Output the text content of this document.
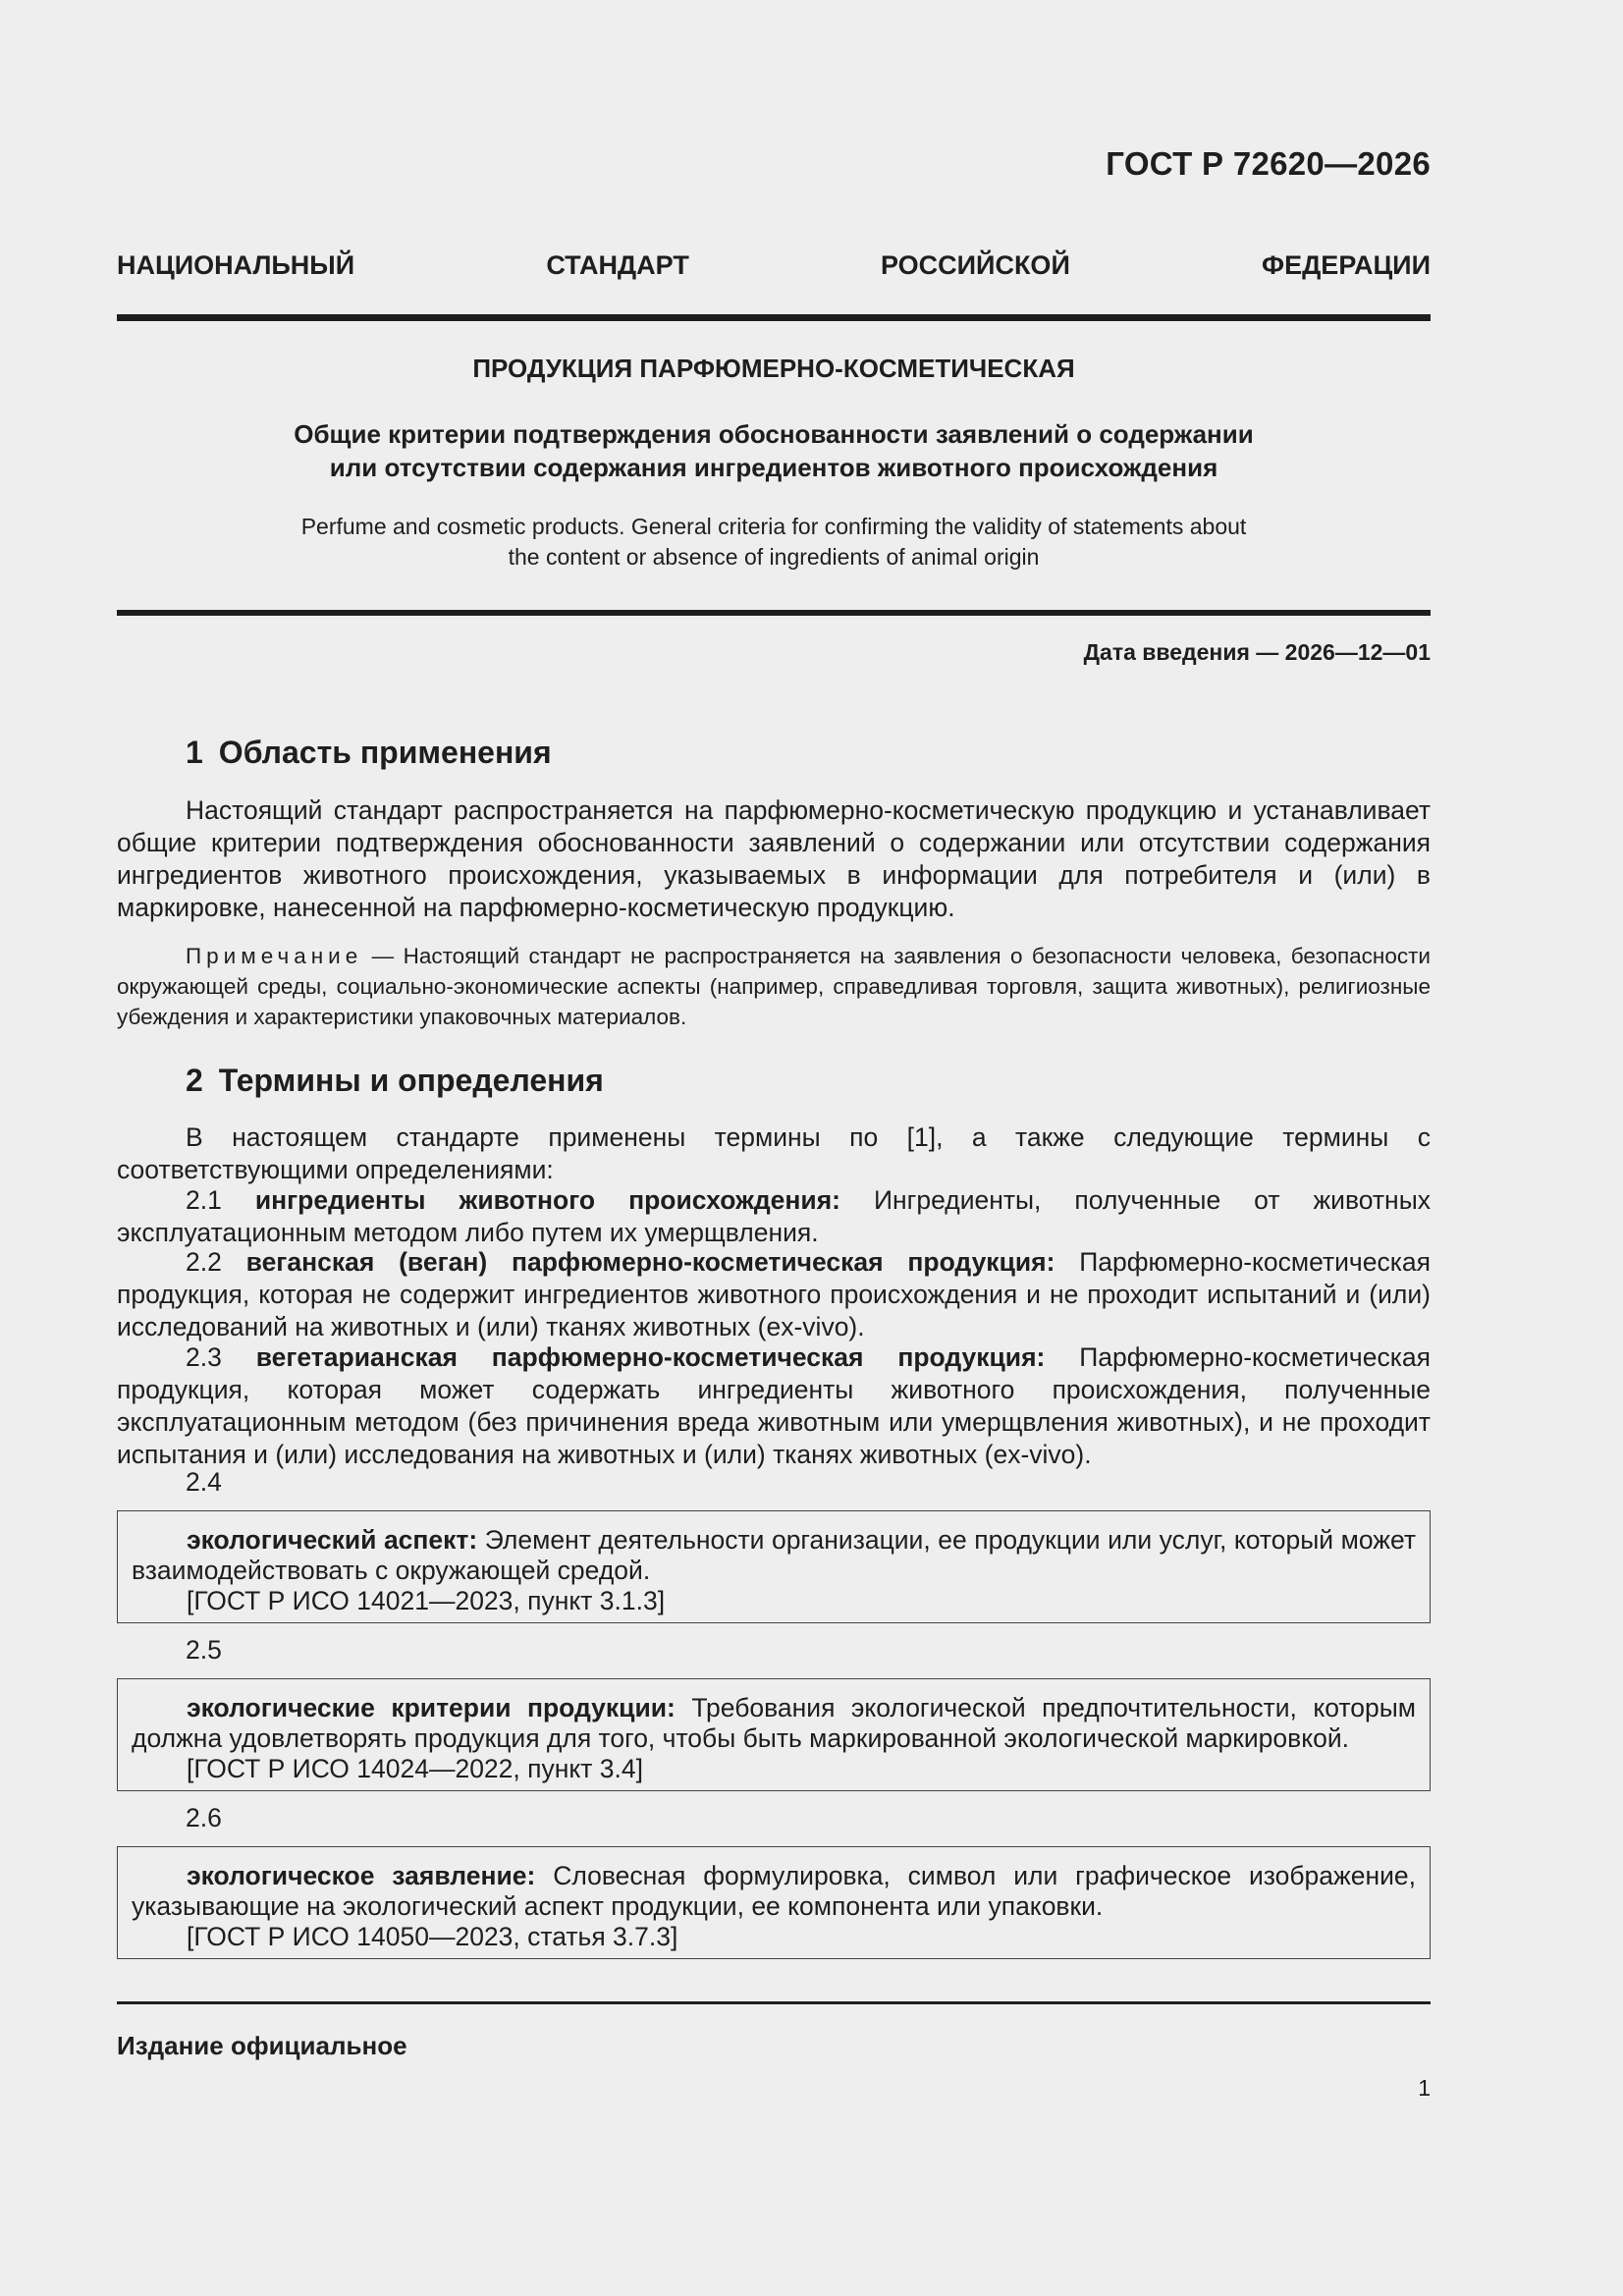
ГОСТ Р 72620—2026
НАЦИОНАЛЬНЫЙ СТАНДАРТ РОССИЙСКОЙ ФЕДЕРАЦИИ
ПРОДУКЦИЯ ПАРФЮМЕРНО-КОСМЕТИЧЕСКАЯ
Общие критерии подтверждения обоснованности заявлений о содержании
или отсутствии содержания ингредиентов животного происхождения
Perfume and cosmetic products. General criteria for confirming the validity of statements about
the content or absence of ingredients of animal origin
Дата введения — 2026—12—01
1 Область применения
Настоящий стандарт распространяется на парфюмерно-косметическую продукцию и устанавливает общие критерии подтверждения обоснованности заявлений о содержании или отсутствии содержания ингредиентов животного происхождения, указываемых в информации для потребителя и (или) в маркировке, нанесенной на парфюмерно-косметическую продукцию.
Примечание — Настоящий стандарт не распространяется на заявления о безопасности человека, безопасности окружающей среды, социально-экономические аспекты (например, справедливая торговля, защита животных), религиозные убеждения и характеристики упаковочных материалов.
2 Термины и определения
В настоящем стандарте применены термины по [1], а также следующие термины с соответствующими определениями:
2.1 ингредиенты животного происхождения: Ингредиенты, полученные от животных эксплуатационным методом либо путем их умерщвления.
2.2 веганская (веган) парфюмерно-косметическая продукция: Парфюмерно-косметическая продукция, которая не содержит ингредиентов животного происхождения и не проходит испытаний и (или) исследований на животных и (или) тканях животных (ex-vivo).
2.3 вегетарианская парфюмерно-косметическая продукция: Парфюмерно-косметическая продукция, которая может содержать ингредиенты животного происхождения, полученные эксплуатационным методом (без причинения вреда животным или умерщвления животных), и не проходит испытания и (или) исследования на животных и (или) тканях животных (ex-vivo).
2.4
экологический аспект: Элемент деятельности организации, ее продукции или услуг, который может взаимодействовать с окружающей средой.
[ГОСТ Р ИСО 14021—2023, пункт 3.1.3]
2.5
экологические критерии продукции: Требования экологической предпочтительности, которым должна удовлетворять продукция для того, чтобы быть маркированной экологической маркировкой.
[ГОСТ Р ИСО 14024—2022, пункт 3.4]
2.6
экологическое заявление: Словесная формулировка, символ или графическое изображение, указывающие на экологический аспект продукции, ее компонента или упаковки.
[ГОСТ Р ИСО 14050—2023, статья 3.7.3]
Издание официальное
1
